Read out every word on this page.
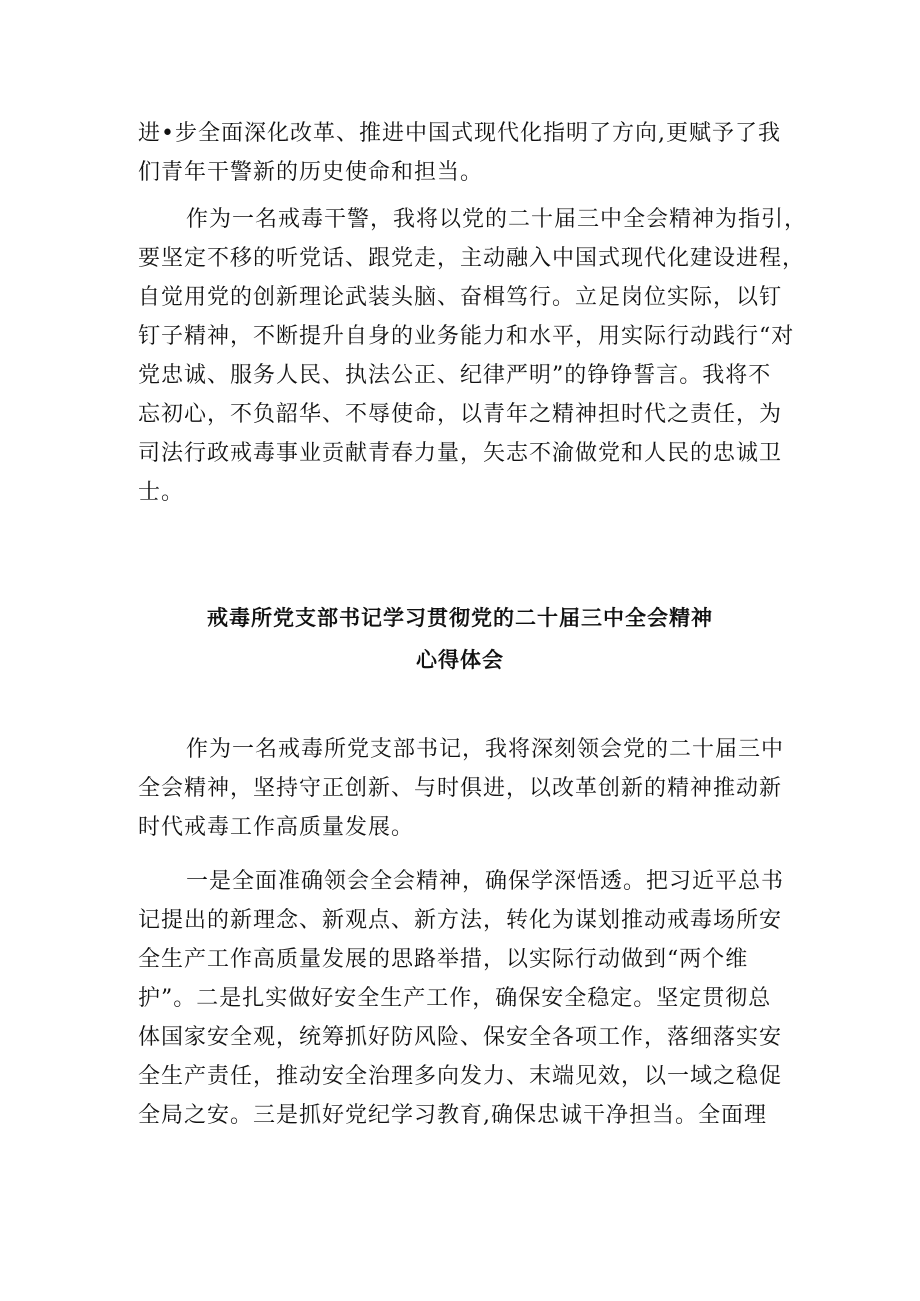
进•步全面深化改革、推进中国式现代化指明了方向,更赋予了我
们青年干警新的历史使命和担当。
作为一名戒毒干警，我将以党的二十届三中全会精神为指引，
要坚定不移的听党话、跟党走，主动融入中国式现代化建设进程，
自觉用党的创新理论武装头脑、奋楫笃行。立足岗位实际，以钉
钉子精神，不断提升自身的业务能力和水平，用实际行动践行“对
党忠诚、服务人民、执法公正、纪律严明”的铮铮誓言。我将不
忘初心，不负韶华、不辱使命，以青年之精神担时代之责任，为
司法行政戒毒事业贡献青春力量，矢志不渝做党和人民的忠诚卫
士。
戒毒所党支部书记学习贯彻党的二十届三中全会精神
心得体会
作为一名戒毒所党支部书记，我将深刻领会党的二十届三中
全会精神，坚持守正创新、与时俱进，以改革创新的精神推动新
时代戒毒工作高质量发展。
一是全面准确领会全会精神，确保学深悟透。把习近平总书
记提出的新理念、新观点、新方法，转化为谋划推动戒毒场所安
全生产工作高质量发展的思路举措，以实际行动做到“两个维
护”。二是扎实做好安全生产工作，确保安全稳定。坚定贯彻总
体国家安全观，统筹抓好防风险、保安全各项工作，落细落实安
全生产责任，推动安全治理多向发力、末端见效，以一域之稳促
全局之安。三是抓好党纪学习教育,确保忠诚干净担当。全面理
